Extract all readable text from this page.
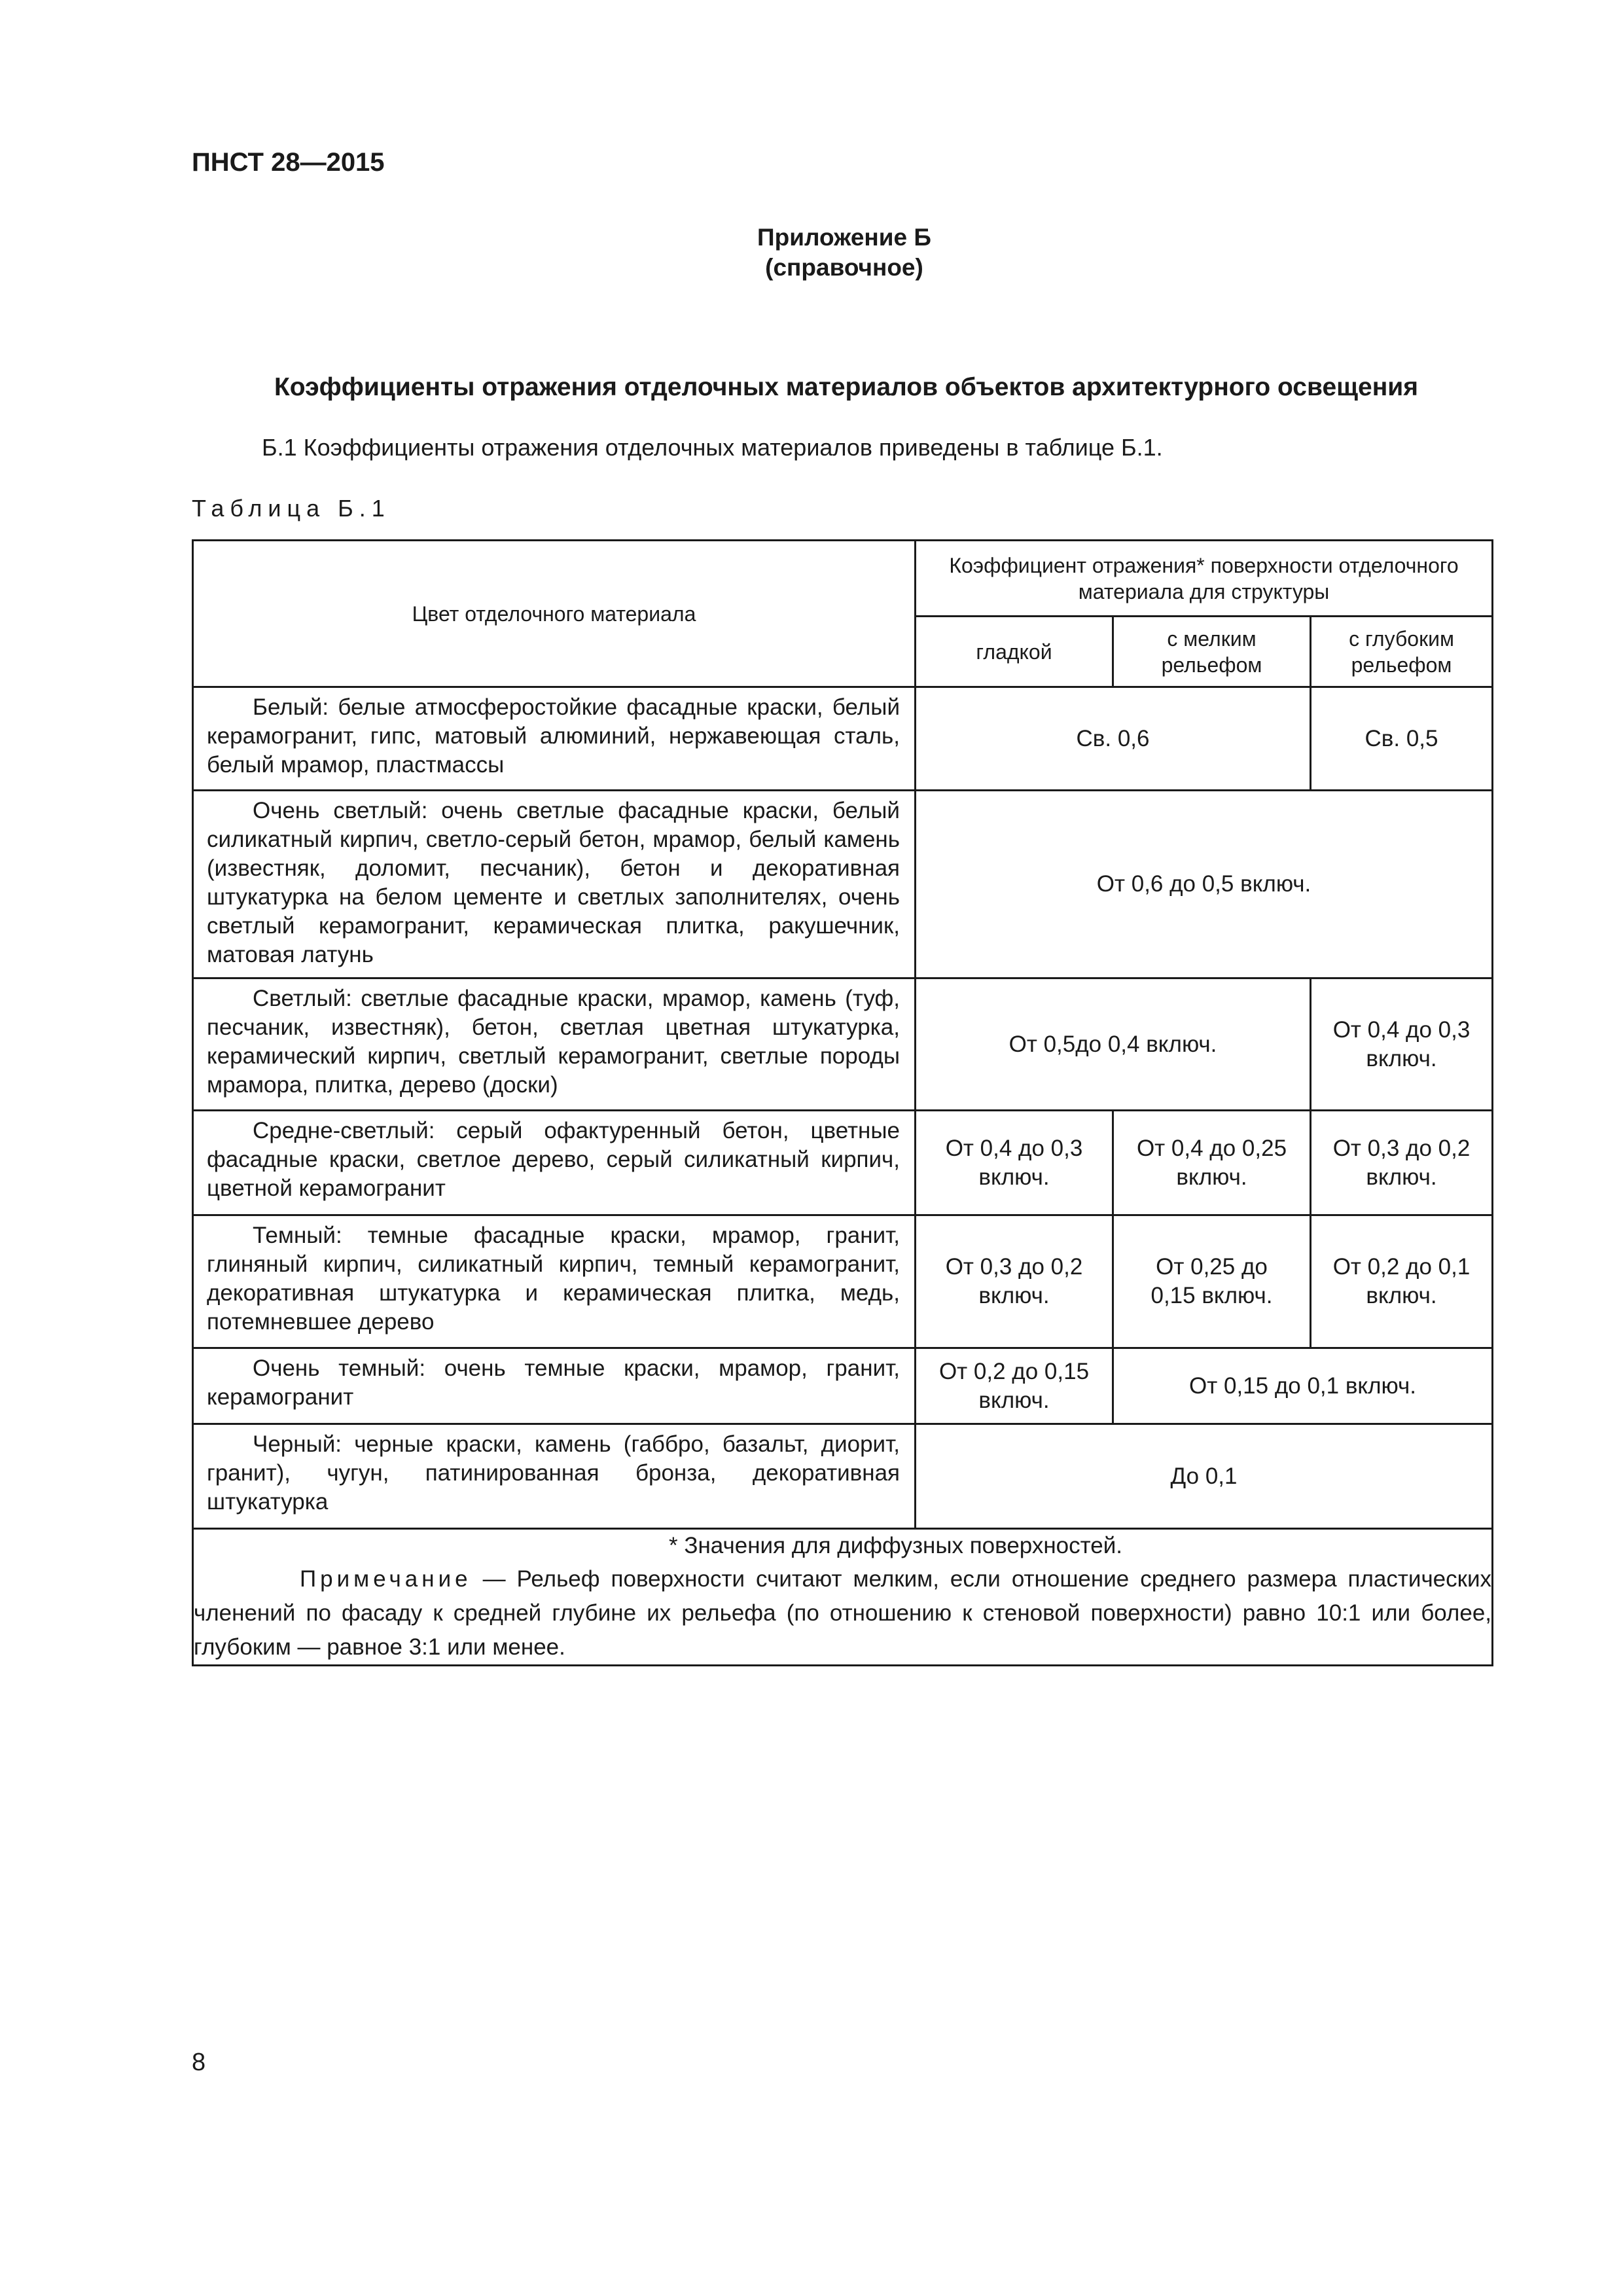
ПНСТ 28—2015
Приложение Б
(справочное)
Коэффициенты отражения отделочных материалов объектов архитектурного освещения
Б.1 Коэффициенты отражения отделочных материалов приведены в таблице Б.1.
Таблица Б.1
Цвет отделочного материала	Коэффициент отражения* поверхности отделочного материала для структуры		
	гладкой	с мелким рельефом	с глубоким рельефом

Белый: белые атмосферостойкие фасадные краски, белый керамогранит, гипс, матовый алюминий, нержавеющая сталь, белый мрамор, пластмассы	Св. 0,6		Св. 0,5

Очень светлый: очень светлые фасадные краски, белый силикатный кирпич, светло-серый бетон, мрамор, белый камень (известняк, доломит, песчаник), бетон и декоративная штукатурка на белом цементе и светлых заполнителях, очень светлый керамогранит, керамическая плитка, ракушечник, матовая латунь	От 0,6 до 0,5 включ.		

Светлый: светлые фасадные краски, мрамор, камень (туф, песчаник, известняк), бетон, светлая цветная штукатурка, керамический кирпич, светлый керамогранит, светлые породы мрамора, плитка, дерево (доски)	От 0,5до 0,4 включ.		От 0,4 до 0,3 включ.

Средне-светлый: серый офактуренный бетон, цветные фасадные краски, светлое дерево, серый силикатный кирпич, цветной керамогранит	От 0,4 до 0,3 включ.	От 0,4 до 0,25 включ.	От 0,3 до 0,2 включ.

Темный: темные фасадные краски, мрамор, гранит, глиняный кирпич, силикатный кирпич, темный керамогранит, декоративная штукатурка и керамическая плитка, медь, потемневшее дерево	От 0,3 до 0,2 включ.	От 0,25 до 0,15 включ.	От 0,2 до 0,1 включ.

Очень темный: очень темные краски, мрамор, гранит, керамогранит	От 0,2 до 0,15 включ.	От 0,15 до 0,1 включ.	

Черный: черные краски, камень (габбро, базальт, диорит, гранит), чугун, патинированная бронза, декоративная штукатурка	До 0,1		

* Значения для диффузных поверхностей.
Примечание — Рельеф поверхности считают мелким, если отношение среднего размера пластических членений по фасаду к средней глубине их рельефа (по отношению к стеновой поверхности) равно 10:1 или более, глубоким — равное 3:1 или менее.			
8
